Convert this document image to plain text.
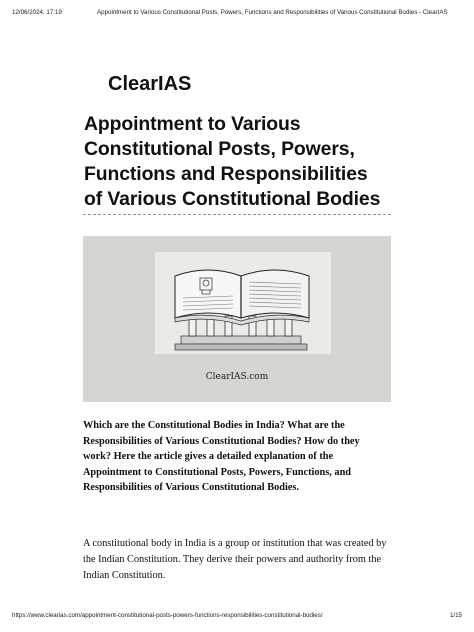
12/06/2024, 17:19	Appointment to Various Constitutional Posts, Powers, Functions and Responsibilities of Various Constitutional Bodies - ClearIAS
ClearIAS
Appointment to Various Constitutional Posts, Powers, Functions and Responsibilities of Various Constitutional Bodies
ClearIAS.com

Which are the Constitutional Bodies in India? What are the Responsibilities of Various Constitutional Bodies? How do they work? Here the article gives a detailed explanation of the Appointment to Constitutional Posts, Powers, Functions, and Responsibilities of Various Constitutional Bodies.

A constitutional body in India is a group or institution that was created by the Indian Constitution. They derive their powers and authority from the Indian Constitution.

https://www.clearias.com/appointment-constitutional-posts-powers-functions-responsibilities-constitutional-bodies/	1/15
